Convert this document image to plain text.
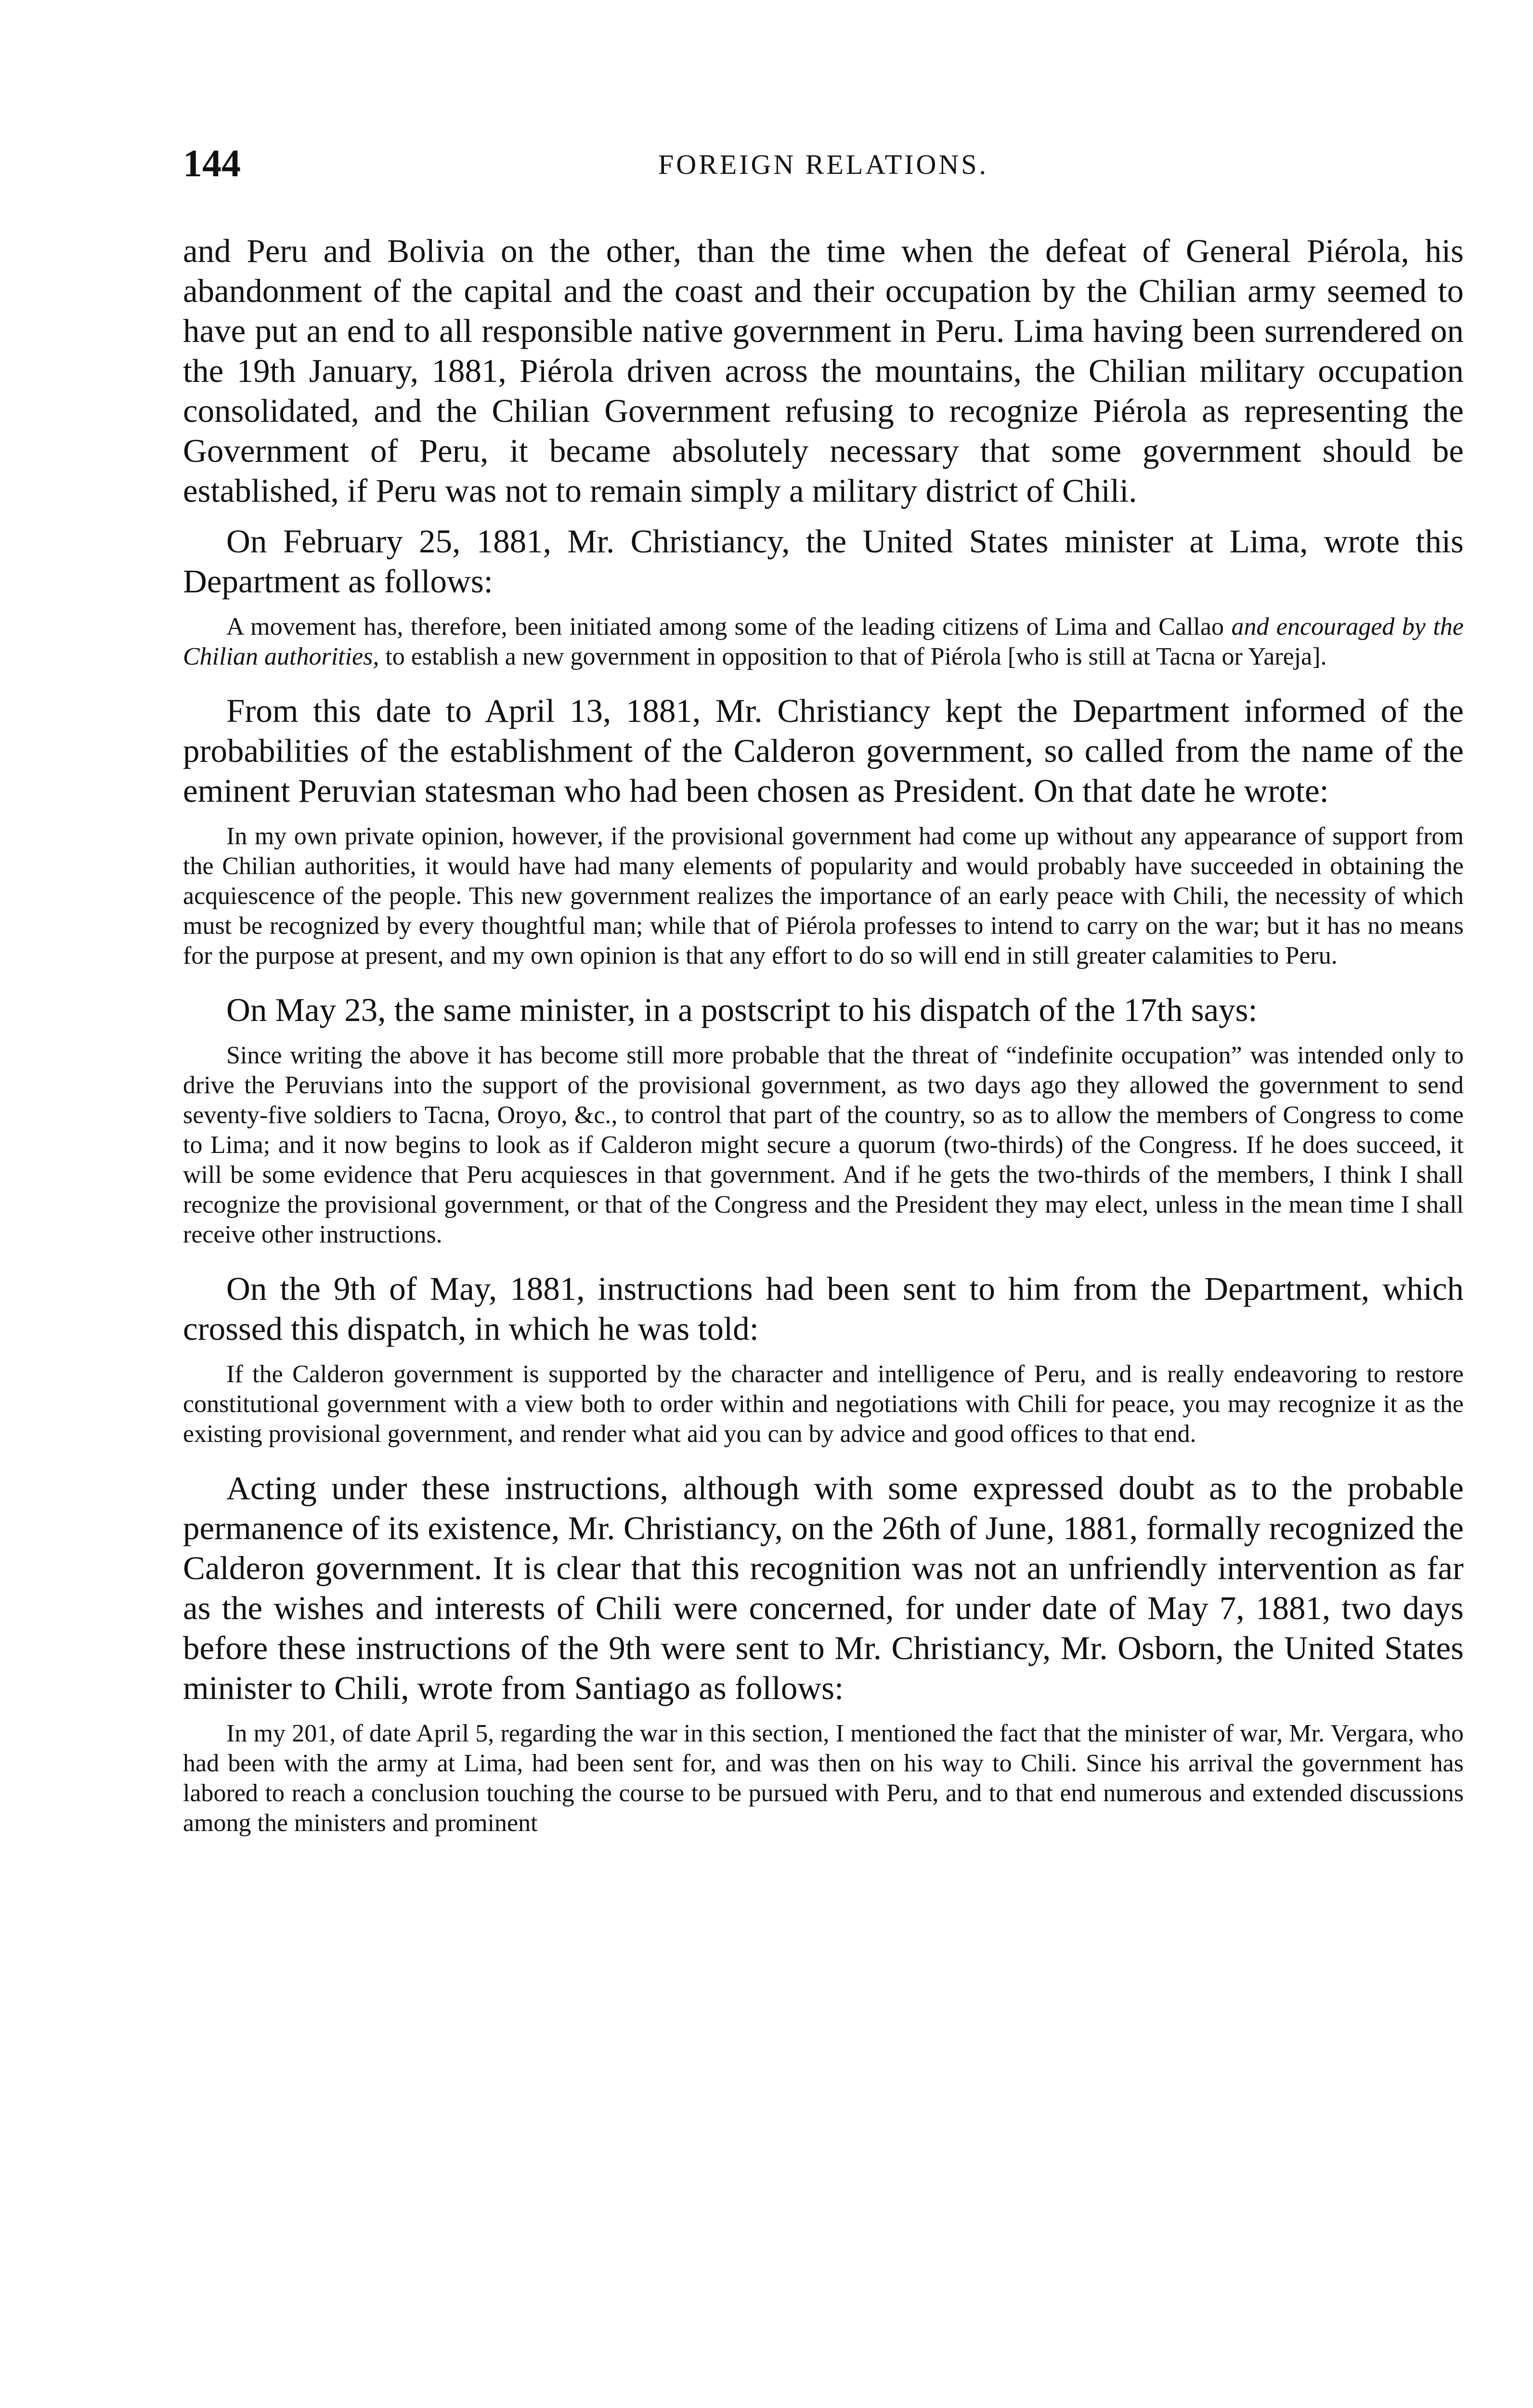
144	FOREIGN RELATIONS.

and Peru and Bolivia on the other, than the time when the defeat of General Piérola, his abandonment of the capital and the coast and their occupation by the Chilian army seemed to have put an end to all responsible native government in Peru. Lima having been surrendered on the 19th January, 1881, Piérola driven across the mountains, the Chilian military occupation consolidated, and the Chilian Government refusing to recognize Piérola as representing the Government of Peru, it became absolutely necessary that some government should be established, if Peru was not to remain simply a military district of Chili.

On February 25, 1881, Mr. Christiancy, the United States minister at Lima, wrote this Department as follows:

A movement has, therefore, been initiated among some of the leading citizens of Lima and Callao and encouraged by the Chilian authorities, to establish a new government in opposition to that of Piérola [who is still at Tacna or Yareja].

From this date to April 13, 1881, Mr. Christiancy kept the Department informed of the probabilities of the establishment of the Calderon government, so called from the name of the eminent Peruvian statesman who had been chosen as President. On that date he wrote:

In my own private opinion, however, if the provisional government had come up without any appearance of support from the Chilian authorities, it would have had many elements of popularity and would probably have succeeded in obtaining the acquiescence of the people. This new government realizes the importance of an early peace with Chili, the necessity of which must be recognized by every thoughtful man; while that of Piérola professes to intend to carry on the war; but it has no means for the purpose at present, and my own opinion is that any effort to do so will end in still greater calamities to Peru.

On May 23, the same minister, in a postscript to his dispatch of the 17th says:

Since writing the above it has become still more probable that the threat of “indefinite occupation” was intended only to drive the Peruvians into the support of the provisional government, as two days ago they allowed the government to send seventy-five soldiers to Tacna, Oroyo, &c., to control that part of the country, so as to allow the members of Congress to come to Lima; and it now begins to look as if Calderon might secure a quorum (two-thirds) of the Congress. If he does succeed, it will be some evidence that Peru acquiesces in that government. And if he gets the two-thirds of the members, I think I shall recognize the provisional government, or that of the Congress and the President they may elect, unless in the mean time I shall receive other instructions.

On the 9th of May, 1881, instructions had been sent to him from the Department, which crossed this dispatch, in which he was told:

If the Calderon government is supported by the character and intelligence of Peru, and is really endeavoring to restore constitutional government with a view both to order within and negotiations with Chili for peace, you may recognize it as the existing provisional government, and render what aid you can by advice and good offices to that end.

Acting under these instructions, although with some expressed doubt as to the probable permanence of its existence, Mr. Christiancy, on the 26th of June, 1881, formally recognized the Calderon government. It is clear that this recognition was not an unfriendly intervention as far as the wishes and interests of Chili were concerned, for under date of May 7, 1881, two days before these instructions of the 9th were sent to Mr. Christiancy, Mr. Osborn, the United States minister to Chili, wrote from Santiago as follows:

In my 201, of date April 5, regarding the war in this section, I mentioned the fact that the minister of war, Mr. Vergara, who had been with the army at Lima, had been sent for, and was then on his way to Chili. Since his arrival the government has labored to reach a conclusion touching the course to be pursued with Peru, and to that end numerous and extended discussions among the ministers and prominent
